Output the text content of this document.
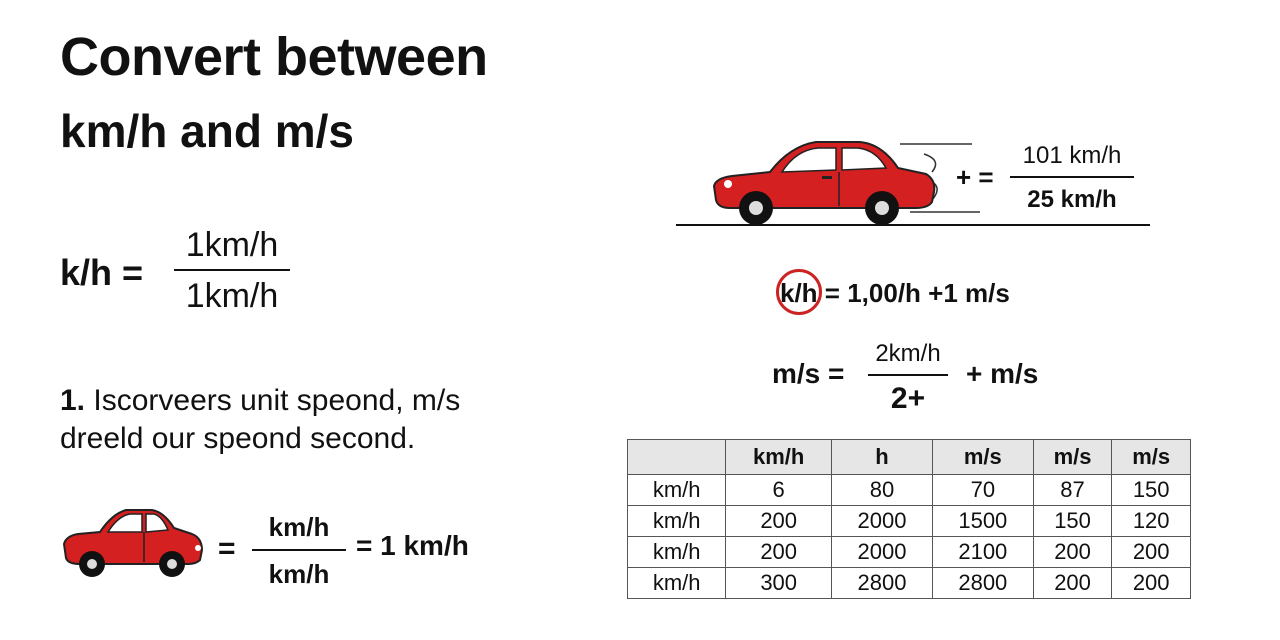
Convert between
km/h and m/s
k/h =
1km/h
1km/h
1. Iscorveers unit speond, m/s
dreeld our speond second.
=
km/h
km/h
= 1 km/h
+ =
101 km/h
25 km/h
k/h = 1,00/h +1 m/s
m/s =
2km/h
2+
+ m/s
	km/h	h	m/s	m/s	m/s
km/h	6	80	70	87	150
km/h	200	2000	1500	150	120
km/h	200	2000	2100	200	200
km/h	300	2800	2800	200	200
